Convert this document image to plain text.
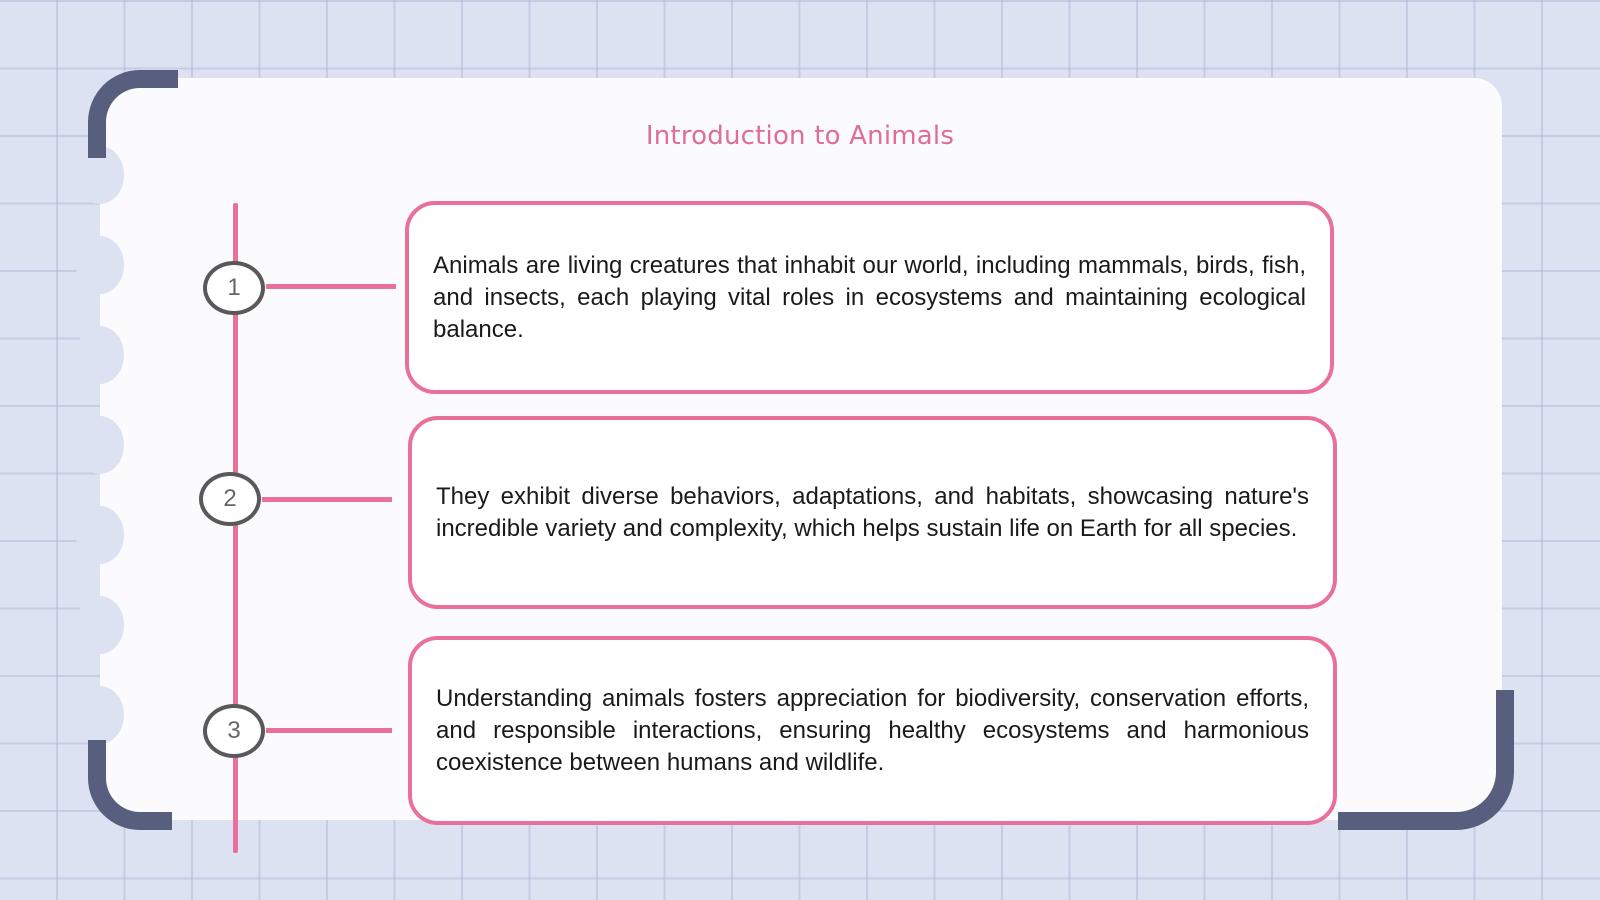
Introduction to Animals
1
2
3

Animals are living creatures that inhabit our world, including mammals, birds, fish, and insects, each playing vital roles in ecosystems and maintaining ecological balance.

They exhibit diverse behaviors, adaptations, and habitats, showcasing nature's incredible variety and complexity, which helps sustain life on Earth for all species.

Understanding animals fosters appreciation for biodiversity, conservation efforts, and responsible interactions, ensuring healthy ecosystems and harmonious coexistence between humans and wildlife.
